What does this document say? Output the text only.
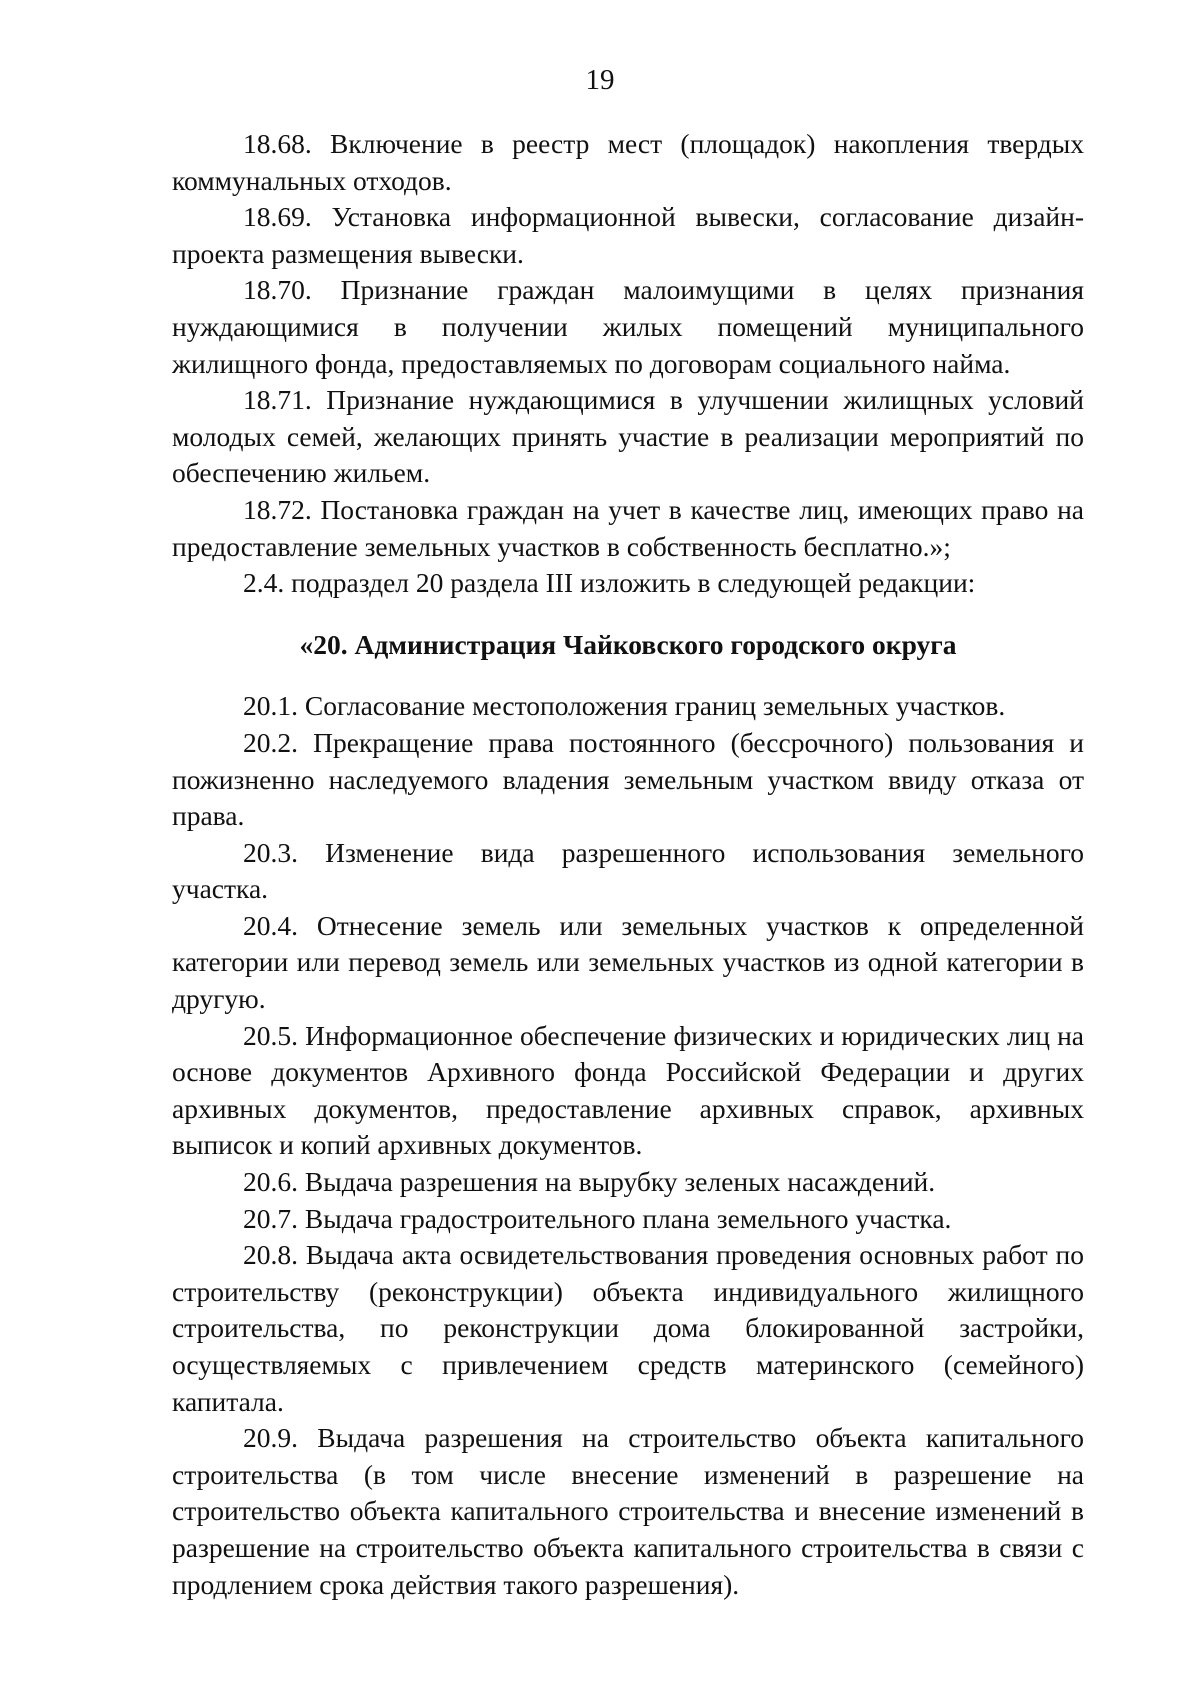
19

18.68. Включение в реестр мест (площадок) накопления твердых коммунальных отходов.

18.69. Установка информационной вывески, согласование дизайн-проекта размещения вывески.

18.70. Признание граждан малоимущими в целях признания нуждающимися в получении жилых помещений муниципального жилищного фонда, предоставляемых по договорам социального найма.

18.71. Признание нуждающимися в улучшении жилищных условий молодых семей, желающих принять участие в реализации мероприятий по обеспечению жильем.

18.72. Постановка граждан на учет в качестве лиц, имеющих право на предоставление земельных участков в собственность бесплатно.»;

2.4. подраздел 20 раздела III изложить в следующей редакции:

«20. Администрация Чайковского городского округа

20.1. Согласование местоположения границ земельных участков.

20.2. Прекращение права постоянного (бессрочного) пользования и пожизненно наследуемого владения земельным участком ввиду отказа от права.

20.3. Изменение вида разрешенного использования земельного участка.

20.4. Отнесение земель или земельных участков к определенной категории или перевод земель или земельных участков из одной категории в другую.

20.5. Информационное обеспечение физических и юридических лиц на основе документов Архивного фонда Российской Федерации и других архивных документов, предоставление архивных справок, архивных выписок и копий архивных документов.

20.6. Выдача разрешения на вырубку зеленых насаждений.

20.7. Выдача градостроительного плана земельного участка.

20.8. Выдача акта освидетельствования проведения основных работ по строительству (реконструкции) объекта индивидуального жилищного строительства, по реконструкции дома блокированной застройки, осуществляемых с привлечением средств материнского (семейного) капитала.

20.9. Выдача разрешения на строительство объекта капитального строительства (в том числе внесение изменений в разрешение на строительство объекта капитального строительства и внесение изменений в разрешение на строительство объекта капитального строительства в связи с продлением срока действия такого разрешения).
